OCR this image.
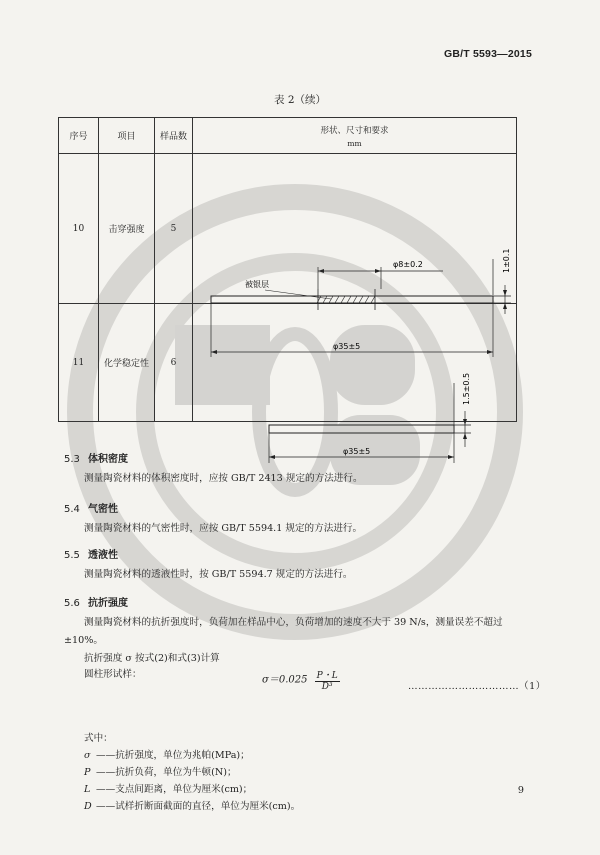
GB/T 5593—2015
表 2（续）
序号	项目	样品数	形状、尺寸和要求
mm

10	击穿强度	5	φ8±0.2 1±0.1
被银层
φ35±5

11	化学稳定性	6	1.5±0.5
φ35±5
5.3 体积密度
测量陶瓷材料的体积密度时，应按 GB/T 2413 规定的方法进行。
5.4 气密性
测量陶瓷材料的气密性时，应按 GB/T 5594.1 规定的方法进行。
5.5 透液性
测量陶瓷材料的透液性时，按 GB/T 5594.7 规定的方法进行。
5.6 抗折强度
测量陶瓷材料的抗折强度时，负荷加在样品中心，负荷增加的速度不大于 39 N/s，测量误差不超过±10%。
抗折强度 σ 按式(2)和式(3)计算
圆柱形试样：	$\sigma=0.025 \frac{P・L}{\text{D³}}$	……………………………（1）
式中：
σ ——抗折强度，单位为兆帕(MPa)；
P ——抗折负荷，单位为牛顿(N)；
L ——支点间距离，单位为厘米(cm)；
D ——试样折断面截面的直径，单位为厘米(cm)。
9
